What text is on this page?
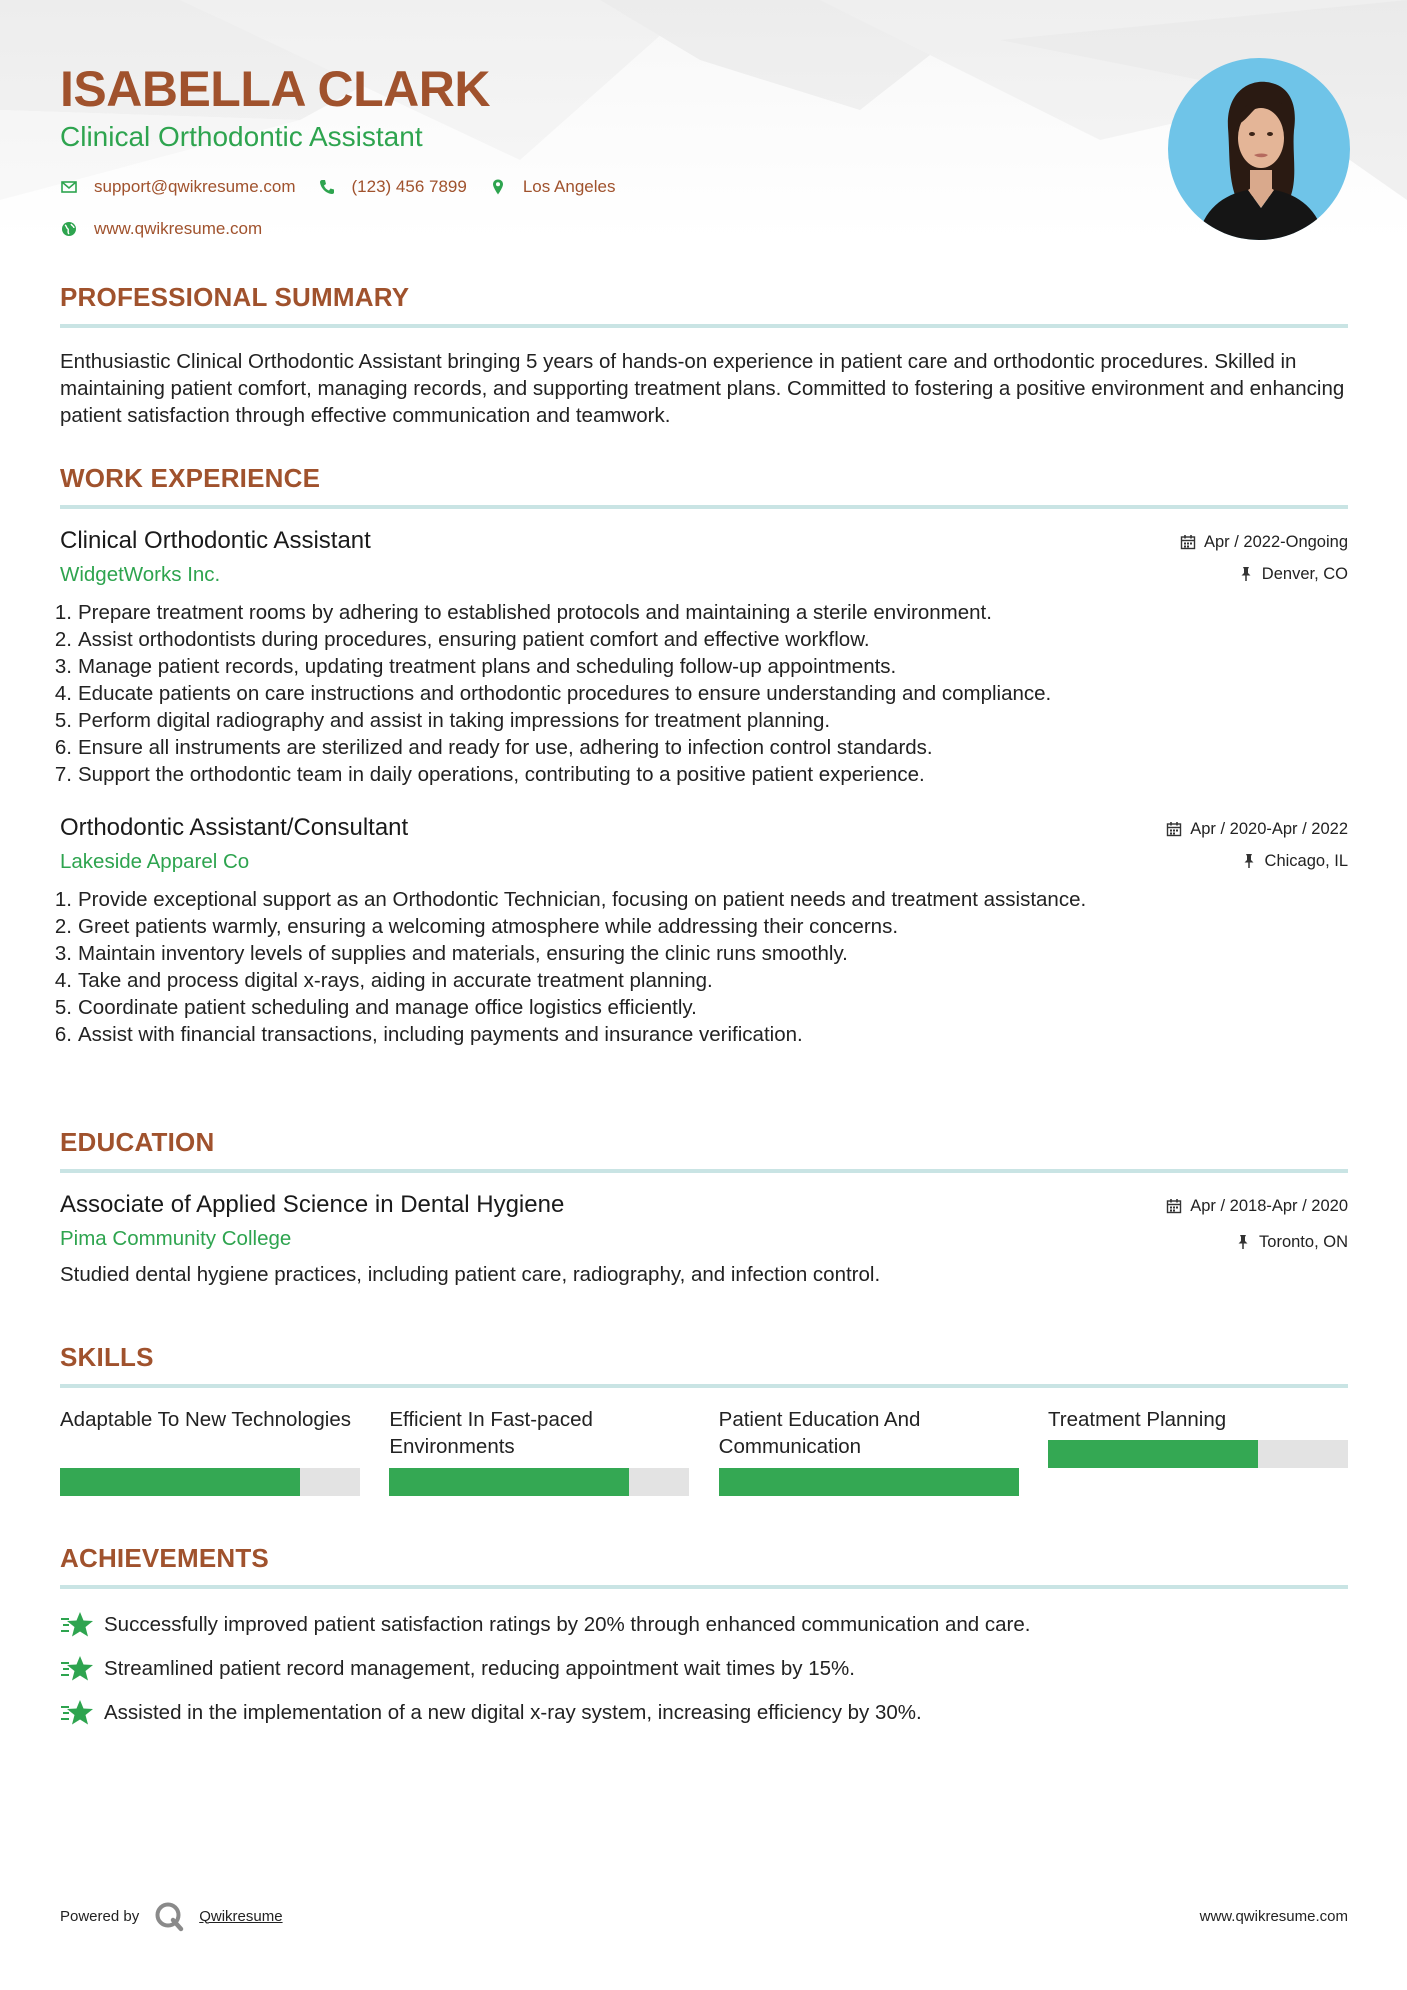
ISABELLA CLARK
Clinical Orthodontic Assistant
support@qwikresume.com	(123) 456 7899	Los Angeles
www.qwikresume.com
PROFESSIONAL SUMMARY
Enthusiastic Clinical Orthodontic Assistant bringing 5 years of hands-on experience in patient care and orthodontic procedures. Skilled in maintaining patient comfort, managing records, and supporting treatment plans. Committed to fostering a positive environment and enhancing patient satisfaction through effective communication and teamwork.
WORK EXPERIENCE
Clinical Orthodontic Assistant
WidgetWorks Inc.
Apr / 2022-Ongoing
Denver, CO
1. Prepare treatment rooms by adhering to established protocols and maintaining a sterile environment.
2. Assist orthodontists during procedures, ensuring patient comfort and effective workflow.
3. Manage patient records, updating treatment plans and scheduling follow-up appointments.
4. Educate patients on care instructions and orthodontic procedures to ensure understanding and compliance.
5. Perform digital radiography and assist in taking impressions for treatment planning.
6. Ensure all instruments are sterilized and ready for use, adhering to infection control standards.
7. Support the orthodontic team in daily operations, contributing to a positive patient experience.
Orthodontic Assistant/Consultant
Lakeside Apparel Co
Apr / 2020-Apr / 2022
Chicago, IL
1. Provide exceptional support as an Orthodontic Technician, focusing on patient needs and treatment assistance.
2. Greet patients warmly, ensuring a welcoming atmosphere while addressing their concerns.
3. Maintain inventory levels of supplies and materials, ensuring the clinic runs smoothly.
4. Take and process digital x-rays, aiding in accurate treatment planning.
5. Coordinate patient scheduling and manage office logistics efficiently.
6. Assist with financial transactions, including payments and insurance verification.
EDUCATION
Associate of Applied Science in Dental Hygiene
Pima Community College
Apr / 2018-Apr / 2020
Toronto, ON
Studied dental hygiene practices, including patient care, radiography, and infection control.
SKILLS
Adaptable To New Technologies	Efficient In Fast-paced Environments
Patient Education And Communication
Treatment Planning
ACHIEVEMENTS
Successfully improved patient satisfaction ratings by 20% through enhanced communication and care.
Streamlined patient record management, reducing appointment wait times by 15%.
Assisted in the implementation of a new digital x-ray system, increasing efficiency by 30%.
Powered by	Qwikresume	www.qwikresume.com
